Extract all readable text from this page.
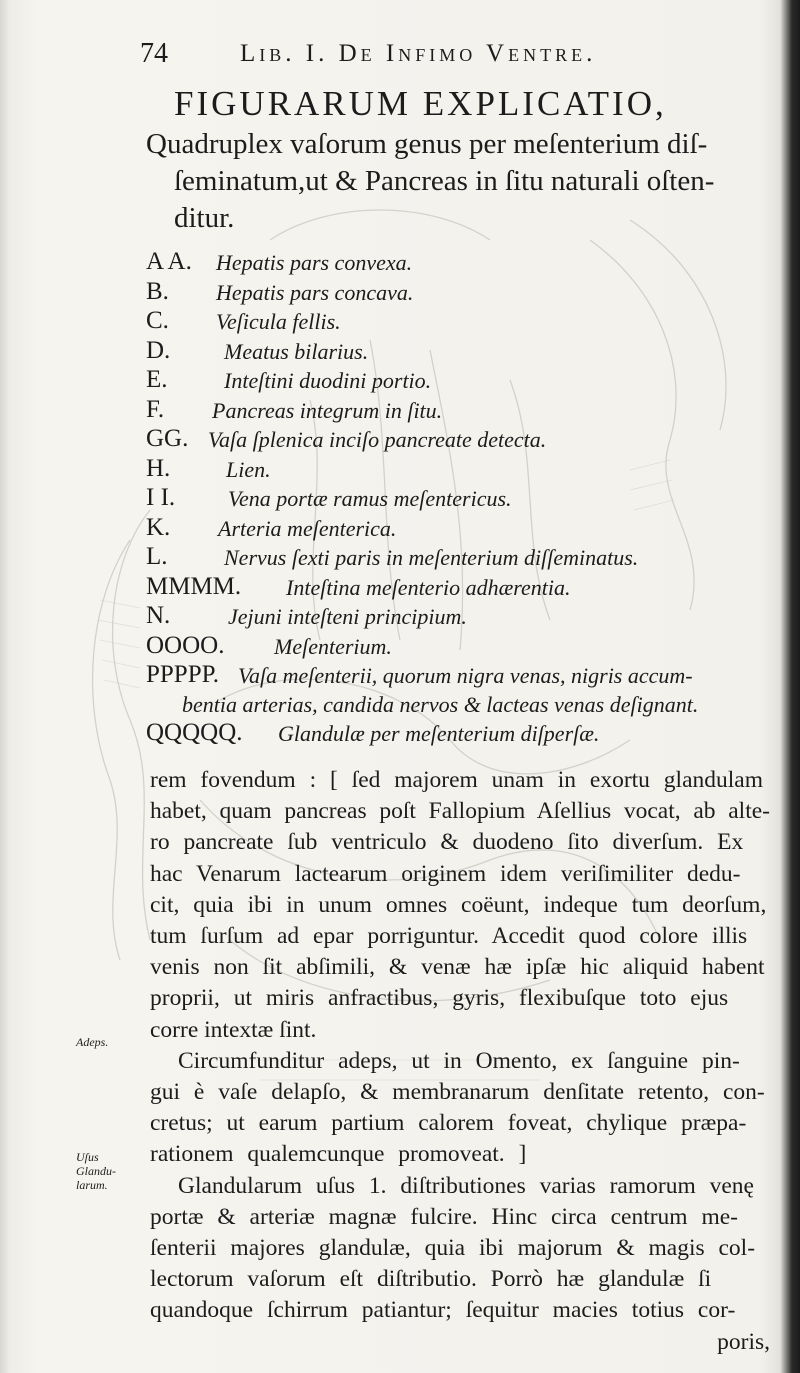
74	Lib. I. De Infimo Ventre.
FIGURARUM EXPLICATIO,
Quadruplex vaſorum genus per meſenterium diſ-
ſeminatum,ut & Pancreas in ſitu naturali oſten-
ditur.
A A. Hepatis pars convexa.
B. Hepatis pars concava.
C. Veſicula fellis.
D. Meatus bilarius.
E.	Inteſtini duodini portio.
F. Pancreas integrum in ſitu.
GG. Vaſa ſplenica inciſo pancreate detecta.
H.	Lien.
I I. Vena portæ ramus meſentericus.
K. Arteria meſenterica.
L.	Nervus ſexti paris in meſenterium diſſeminatus.
MMMM. Inteſtina meſenterio adhærentia.
N.	Jejuni inteſteni principium.
OOOO. Meſenterium.
PPPPP. Vaſa meſenterii, quorum nigra venas, nigris accum-
bentia arterias, candida nervos & lacteas venas deſignant.
QQQQQ. Glandulæ per meſenterium diſperſæ.
rem fovendum : [ ſed majorem unam in exortu glandulam
habet, quam pancreas poſt Fallopium Aſellius vocat, ab alte-
ro pancreate ſub ventriculo & duodeno ſito diverſum. Ex
hac Venarum lactearum originem idem veriſimiliter dedu-
cit, quia ibi in unum omnes coëunt, indeque tum deorſum,
tum ſurſum ad epar porriguntur. Accedit quod colore illis
venis non ſit abſimili, & venæ hæ ipſæ hic aliquid habent
proprii, ut miris anfractibus, gyris, flexibuſque toto ejus
corre intextæ ſint.
Circumfunditur adeps, ut in Omento, ex ſanguine pin-
gui è vaſe delapſo, & membranarum denſitate retento, con-
cretus; ut earum partium calorem foveat, chylique præpa-
rationem qualemcunque promoveat. ]
Glandularum uſus 1. diſtributiones varias ramorum venę
portæ & arteriæ magnæ fulcire. Hinc circa centrum me-
ſenterii majores glandulæ, quia ibi majorum & magis col-
lectorum vaſorum eſt diſtributio. Porrò hæ glandulæ ſi
quandoque ſchirrum patiantur; ſequitur macies totius cor-
poris,
Adeps.
Uſus
Glandu-
larum.
